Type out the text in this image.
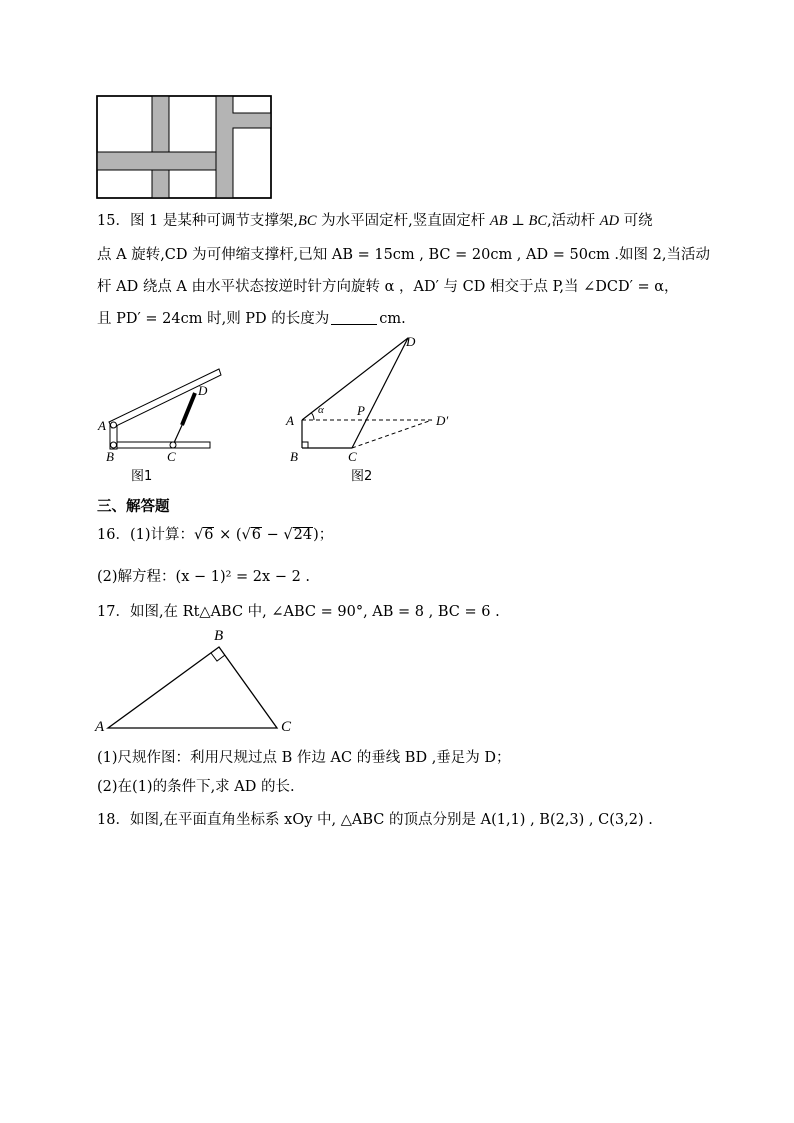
15．图 1 是某种可调节支撑架,BC 为水平固定杆,竖直固定杆 AB ⊥ BC,活动杆 AD 可绕
点 A 旋转,CD 为可伸缩支撑杆,已知 AB = 15cm , BC = 20cm , AD = 50cm .如图 2,当活动
杆 AD 绕点 A 由水平状态按逆时针方向旋转 α ，AD′ 与 CD 相交于点 P,当 ∠DCD′ = α，
且 PD′ = 24cm 时,则 PD 的长度为	cm.
A
B	C
D
图1
A
B	C
D
P
D′
α
图2
三、解答题
16．(1)计算：√6 × (√6 − √24)；
(2)解方程：(x − 1)² = 2x − 2 .
17．如图,在 Rt△ABC 中, ∠ABC = 90°, AB = 8 , BC = 6 .
A
B
C
(1)尺规作图：利用尺规过点 B 作边 AC 的垂线 BD ,垂足为 D；
(2)在(1)的条件下,求 AD 的长.
18．如图,在平面直角坐标系 xOy 中, △ABC 的顶点分别是 A(1,1) , B(2,3) , C(3,2) .
